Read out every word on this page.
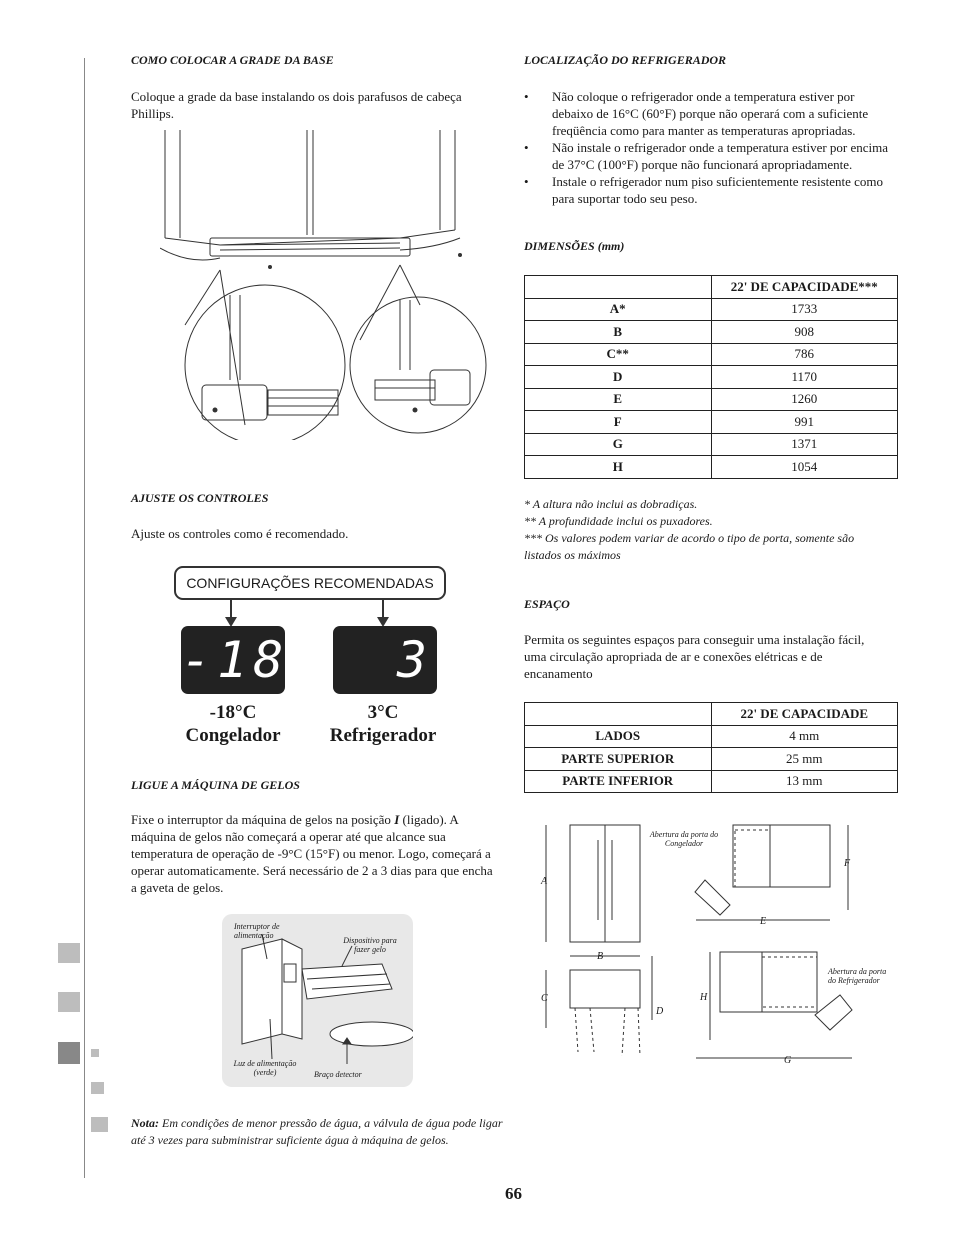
COMO COLOCAR A GRADE DA BASE
Coloque a grade da base instalando os dois parafusos de cabeça Phillips.
AJUSTE OS CONTROLES
Ajuste os controles como é recomendado.
CONFIGURAÇÕES RECOMENDADAS
-18	3
-18°C
Congelador
3°C
Refrigerador
LIGUE A MÁQUINA DE GELOS
Fixe o interruptor da máquina de gelos na posição I (ligado). A máquina de gelos não começará a operar até que alcance sua temperatura de operação de -9°C (15°F) ou menor. Logo, começará a operar automaticamente. Será necessário de 2 a 3 dias para que encha a gaveta de gelos.
Interruptor de alimentação
Dispositivo para fazer gelo
Luz de alimentação (verde)	Braço detector
Nota: Em condições de menor pressão de água, a válvula de água pode ligar até 3 vezes para subministrar suficiente água à máquina de gelos.
LOCALIZAÇÃO DO REFRIGERADOR
• Não coloque o refrigerador onde a temperatura estiver por debaixo de 16°C (60°F) porque não operará com a suficiente freqüência como para manter as temperaturas apropriadas.
• Não instale o refrigerador onde a temperatura estiver por encima de 37°C (100°F) porque não funcionará apropriadamente.
• Instale o refrigerador num piso suficientemente resistente como para suportar todo seu peso.
DIMENSÕES (mm)
	22' DE CAPACIDADE***
A*	1733
B	908
C**	786
D	1170
E	1260
F	991
G	1371
H	1054
* A altura não inclui as dobradiças.
** A profundidade inclui os puxadores.
*** Os valores podem variar de acordo o tipo de porta, somente são listados os máximos
ESPAÇO
Permita os seguintes espaços para conseguir uma instalação fácil, uma circulação apropriada de ar e conexões elétricas e de encanamento
	22' DE CAPACIDADE
LADOS	4 mm
PARTE SUPERIOR	25 mm
PARTE INFERIOR	13 mm
A
B
C
D
E
F
G
H
Abertura da porta do Congelador
Abertura da porta do Refrigerador
66
